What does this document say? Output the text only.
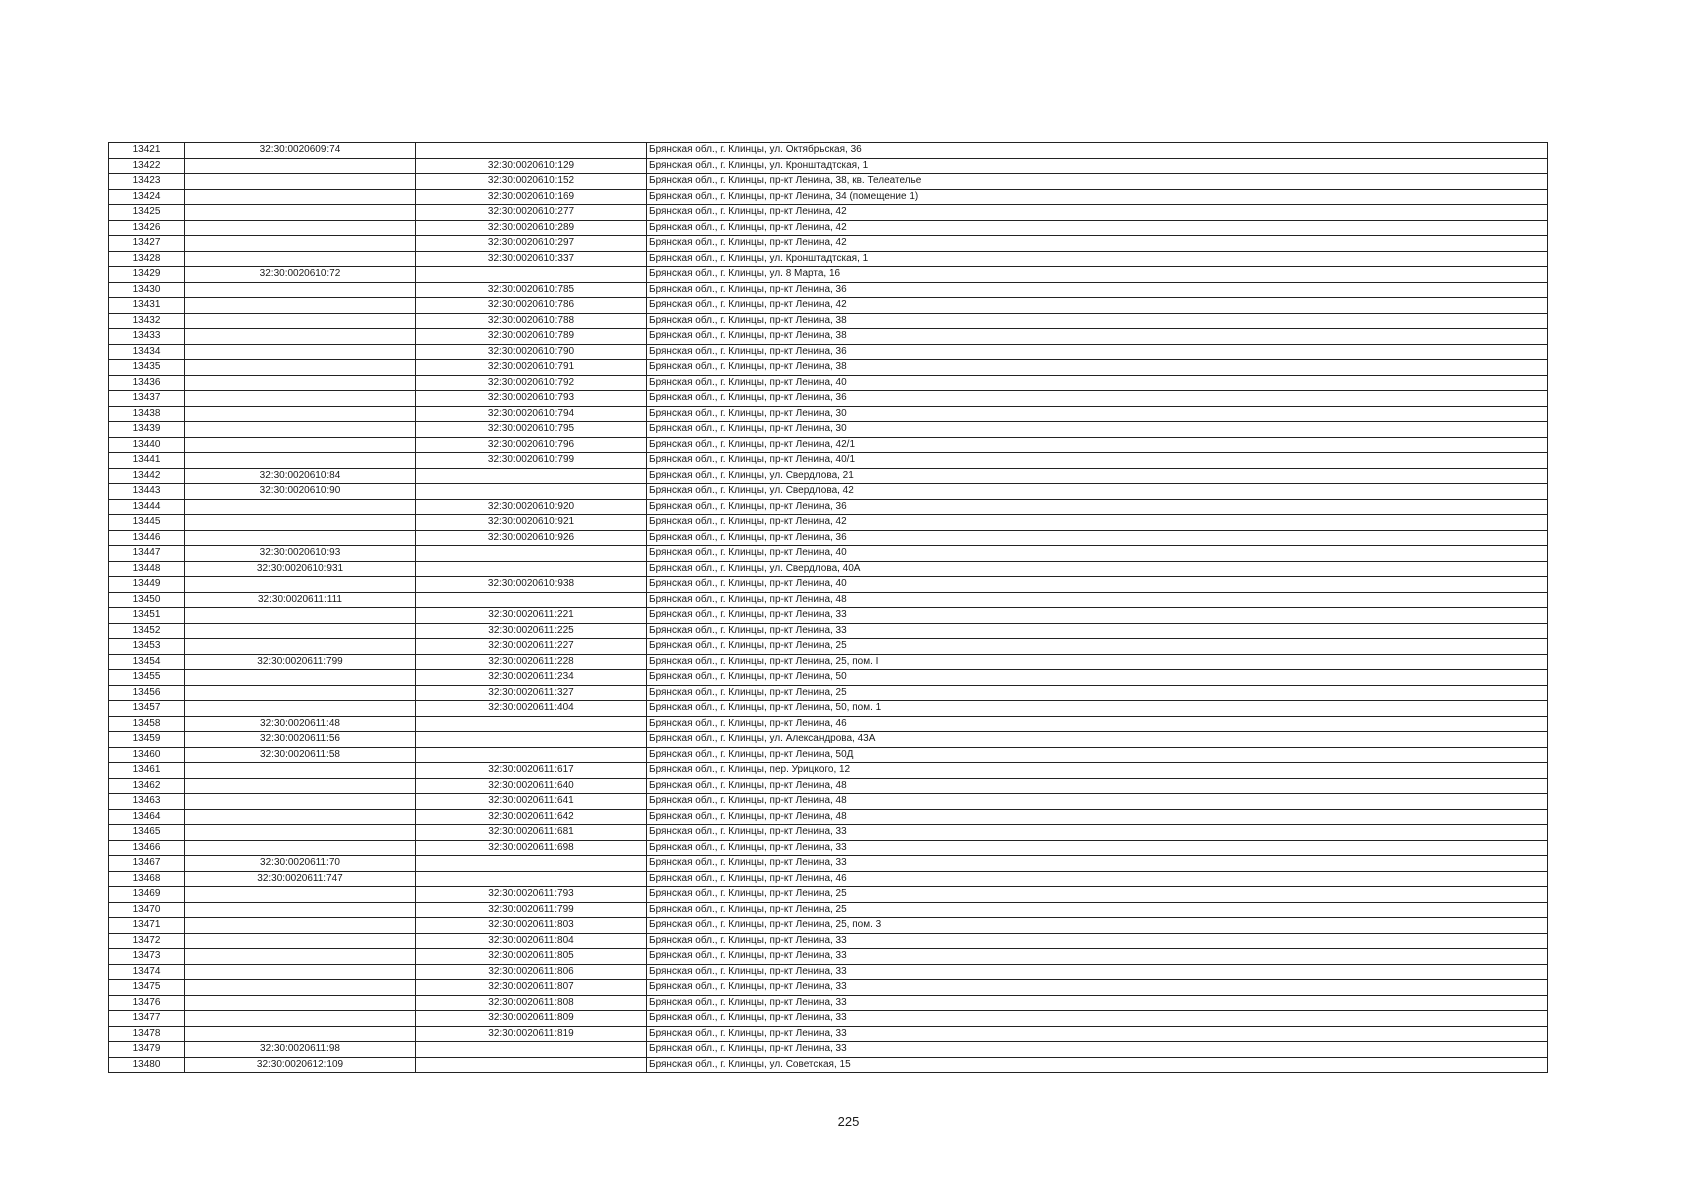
13421	32:30:0020609:74		Брянская обл., г. Клинцы, ул. Октябрьская, 36
13422		32:30:0020610:129	Брянская обл., г. Клинцы, ул. Кронштадтская, 1
13423		32:30:0020610:152	Брянская обл., г. Клинцы, пр-кт Ленина, 38, кв. Телеателье
13424		32:30:0020610:169	Брянская обл., г. Клинцы, пр-кт Ленина, 34 (помещение 1)
13425		32:30:0020610:277	Брянская обл., г. Клинцы, пр-кт Ленина, 42
13426		32:30:0020610:289	Брянская обл., г. Клинцы, пр-кт Ленина, 42
13427		32:30:0020610:297	Брянская обл., г. Клинцы, пр-кт Ленина, 42
13428		32:30:0020610:337	Брянская обл., г. Клинцы, ул. Кронштадтская, 1
13429	32:30:0020610:72		Брянская обл., г. Клинцы, ул. 8 Марта, 16
13430		32:30:0020610:785	Брянская обл., г. Клинцы, пр-кт Ленина, 36
13431		32:30:0020610:786	Брянская обл., г. Клинцы, пр-кт Ленина, 42
13432		32:30:0020610:788	Брянская обл., г. Клинцы, пр-кт Ленина, 38
13433		32:30:0020610:789	Брянская обл., г. Клинцы, пр-кт Ленина, 38
13434		32:30:0020610:790	Брянская обл., г. Клинцы, пр-кт Ленина, 36
13435		32:30:0020610:791	Брянская обл., г. Клинцы, пр-кт Ленина, 38
13436		32:30:0020610:792	Брянская обл., г. Клинцы, пр-кт Ленина, 40
13437		32:30:0020610:793	Брянская обл., г. Клинцы, пр-кт Ленина, 36
13438		32:30:0020610:794	Брянская обл., г. Клинцы, пр-кт Ленина, 30
13439		32:30:0020610:795	Брянская обл., г. Клинцы, пр-кт Ленина, 30
13440		32:30:0020610:796	Брянская обл., г. Клинцы, пр-кт Ленина, 42/1
13441		32:30:0020610:799	Брянская обл., г. Клинцы, пр-кт Ленина, 40/1
13442	32:30:0020610:84		Брянская обл., г. Клинцы, ул. Свердлова, 21
13443	32:30:0020610:90		Брянская обл., г. Клинцы, ул. Свердлова, 42
13444		32:30:0020610:920	Брянская обл., г. Клинцы, пр-кт Ленина, 36
13445		32:30:0020610:921	Брянская обл., г. Клинцы, пр-кт Ленина, 42
13446		32:30:0020610:926	Брянская обл., г. Клинцы, пр-кт Ленина, 36
13447	32:30:0020610:93		Брянская обл., г. Клинцы, пр-кт Ленина, 40
13448	32:30:0020610:931		Брянская обл., г. Клинцы, ул. Свердлова, 40А
13449		32:30:0020610:938	Брянская обл., г. Клинцы, пр-кт Ленина, 40
13450	32:30:0020611:111		Брянская обл., г. Клинцы, пр-кт Ленина, 48
13451		32:30:0020611:221	Брянская обл., г. Клинцы, пр-кт Ленина, 33
13452		32:30:0020611:225	Брянская обл., г. Клинцы, пр-кт Ленина, 33
13453		32:30:0020611:227	Брянская обл., г. Клинцы, пр-кт Ленина, 25
13454	32:30:0020611:799	32:30:0020611:228	Брянская обл., г. Клинцы, пр-кт Ленина, 25, пом. I
13455		32:30:0020611:234	Брянская обл., г. Клинцы, пр-кт Ленина, 50
13456		32:30:0020611:327	Брянская обл., г. Клинцы, пр-кт Ленина, 25
13457		32:30:0020611:404	Брянская обл., г. Клинцы, пр-кт Ленина, 50, пом. 1
13458	32:30:0020611:48		Брянская обл., г. Клинцы, пр-кт Ленина, 46
13459	32:30:0020611:56		Брянская обл., г. Клинцы, ул. Александрова, 43А
13460	32:30:0020611:58		Брянская обл., г. Клинцы, пр-кт Ленина, 50Д
13461		32:30:0020611:617	Брянская обл., г. Клинцы, пер. Урицкого, 12
13462		32:30:0020611:640	Брянская обл., г. Клинцы, пр-кт Ленина, 48
13463		32:30:0020611:641	Брянская обл., г. Клинцы, пр-кт Ленина, 48
13464		32:30:0020611:642	Брянская обл., г. Клинцы, пр-кт Ленина, 48
13465		32:30:0020611:681	Брянская обл., г. Клинцы, пр-кт Ленина, 33
13466		32:30:0020611:698	Брянская обл., г. Клинцы, пр-кт Ленина, 33
13467	32:30:0020611:70		Брянская обл., г. Клинцы, пр-кт Ленина, 33
13468	32:30:0020611:747		Брянская обл., г. Клинцы, пр-кт Ленина, 46
13469		32:30:0020611:793	Брянская обл., г. Клинцы, пр-кт Ленина, 25
13470		32:30:0020611:799	Брянская обл., г. Клинцы, пр-кт Ленина, 25
13471		32:30:0020611:803	Брянская обл., г. Клинцы, пр-кт Ленина, 25, пом. 3
13472		32:30:0020611:804	Брянская обл., г. Клинцы, пр-кт Ленина, 33
13473		32:30:0020611:805	Брянская обл., г. Клинцы, пр-кт Ленина, 33
13474		32:30:0020611:806	Брянская обл., г. Клинцы, пр-кт Ленина, 33
13475		32:30:0020611:807	Брянская обл., г. Клинцы, пр-кт Ленина, 33
13476		32:30:0020611:808	Брянская обл., г. Клинцы, пр-кт Ленина, 33
13477		32:30:0020611:809	Брянская обл., г. Клинцы, пр-кт Ленина, 33
13478		32:30:0020611:819	Брянская обл., г. Клинцы, пр-кт Ленина, 33
13479	32:30:0020611:98		Брянская обл., г. Клинцы, пр-кт Ленина, 33
13480	32:30:0020612:109		Брянская обл., г. Клинцы, ул. Советская, 15
225
